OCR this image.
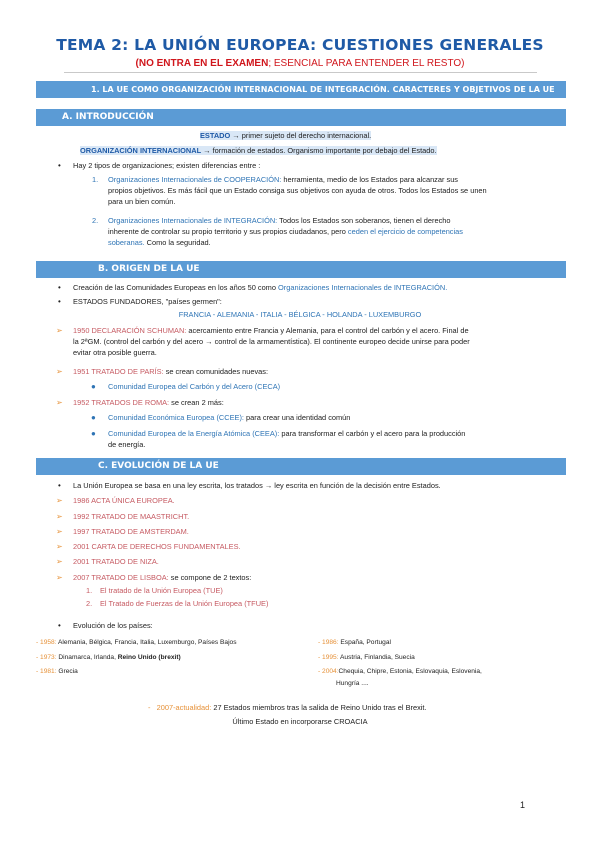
TEMA 2: LA UNIÓN EUROPEA: CUESTIONES GENERALES
(NO ENTRA EN EL EXAMEN; ESENCIAL PARA ENTENDER EL RESTO)
1. LA UE COMO ORGANIZACIÓN INTERNACIONAL DE INTEGRACIÓN. CARACTERES Y OBJETIVOS DE LA UE
A. INTRODUCCIÓN
ESTADO → primer sujeto del derecho internacional.
ORGANIZACIÓN INTERNACIONAL → formación de estados. Organismo importante por debajo del Estado.
• Hay 2 tipos de organizaciones; existen diferencias entre :
1. Organizaciones Internacionales de COOPERACIÓN: herramienta, medio de los Estados para alcanzar sus
propios objetivos. Es más fácil que un Estado consiga sus objetivos con ayuda de otros. Todos los Estados se unen
para un bien común.
2. Organizaciones Internacionales de INTEGRACIÓN: Todos los Estados son soberanos, tienen el derecho
inherente de controlar su propio territorio y sus propios ciudadanos, pero ceden el ejercicio de competencias
soberanas. Como la seguridad.
B. ORIGEN DE LA UE
• Creación de las Comunidades Europeas en los años 50 como Organizaciones Internacionales de INTEGRACIÓN.
• ESTADOS FUNDADORES, "países germen":
FRANCIA - ALEMANIA - ITALIA - BÉLGICA - HOLANDA - LUXEMBURGO
➢ 1950 DECLARACIÓN SCHUMAN: acercamiento entre Francia y Alemania, para el control del carbón y el acero. Final de
la 2ªGM. (control del carbón y del acero → control de la armamentística). El continente europeo decide unirse para poder
evitar otra posible guerra.
➢ 1951 TRATADO DE PARÍS: se crean comunidades nuevas:
● Comunidad Europea del Carbón y del Acero (CECA)
➢ 1952 TRATADOS DE ROMA: se crean 2 más:
● Comunidad Económica Europea (CCEE): para crear una identidad común
● Comunidad Europea de la Energía Atómica (CEEA): para transformar el carbón y el acero para la producción
de energía.
C. EVOLUCIÓN DE LA UE
• La Unión Europea se basa en una ley escrita, los tratados → ley escrita en función de la decisión entre Estados.
➢ 1986 ACTA ÚNICA EUROPEA.
➢ 1992 TRATADO DE MAASTRICHT.
➢ 1997 TRATADO DE AMSTERDAM.
➢ 2001 CARTA DE DERECHOS FUNDAMENTALES.
➢ 2001 TRATADO DE NIZA.
➢ 2007 TRATADO DE LISBOA: se compone de 2 textos:
1. El tratado de la Unión Europea (TUE)
2. El Tratado de Fuerzas de la Unión Europea (TFUE)
• Evolución de los países:
- 1958: Alemania, Bélgica, Francia, Italia, Luxemburgo, Países Bajos
- 1973: Dinamarca, Irlanda, Reino Unido (brexit)
- 1981: Grecia
- 1986: España, Portugal
- 1995: Austria, Finlandia, Suecia
- 2004:Chequia, Chipre, Estonia, Eslovaquia, Eslovenia,
Hungría ....
-   2007-actualidad: 27 Estados miembros tras la salida de Reino Unido tras el Brexit.
Último Estado en incorporarse CROACIA
1
